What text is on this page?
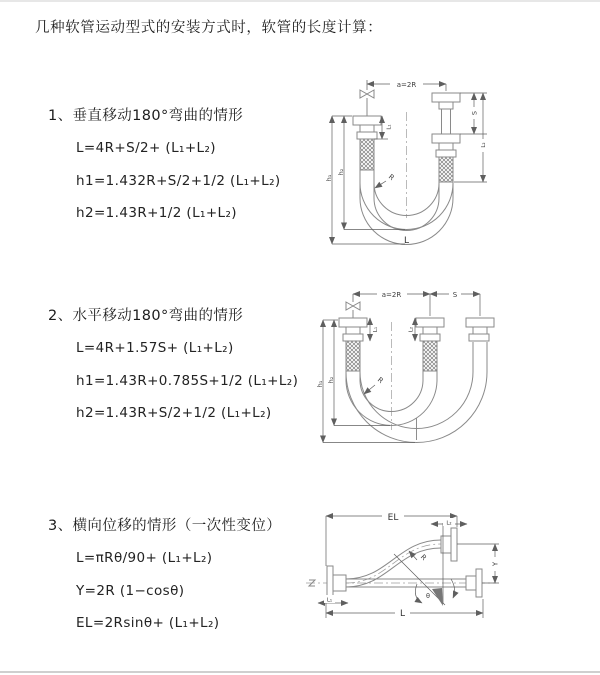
几种软管运动型式的安装方式时，软管的长度计算：
1、垂直移动180°弯曲的情形
L=4R+S/2+ (L₁+L₂)
h1=1.432R+S/2+1/2 (L₁+L₂)
h2=1.43R+1/2 (L₁+L₂)
2、水平移动180°弯曲的情形
L=4R+1.57S+ (L₁+L₂)
h1=1.43R+0.785S+1/2 (L₁+L₂)
h2=1.43R+S/2+1/2 (L₁+L₂)
3、横向位移的情形（一次性变位）
L=πRθ/90+ (L₁+L₂)
Y=2R (1−cosθ)
EL=2Rsinθ+ (L₁+L₂)
a=2R
L₁
S
L₂
h₁
h₂
R
L
a=2R	S
L₁	L₂
h₁
h₂	R
EL
L₂
Y
R
θ
L
L₁
